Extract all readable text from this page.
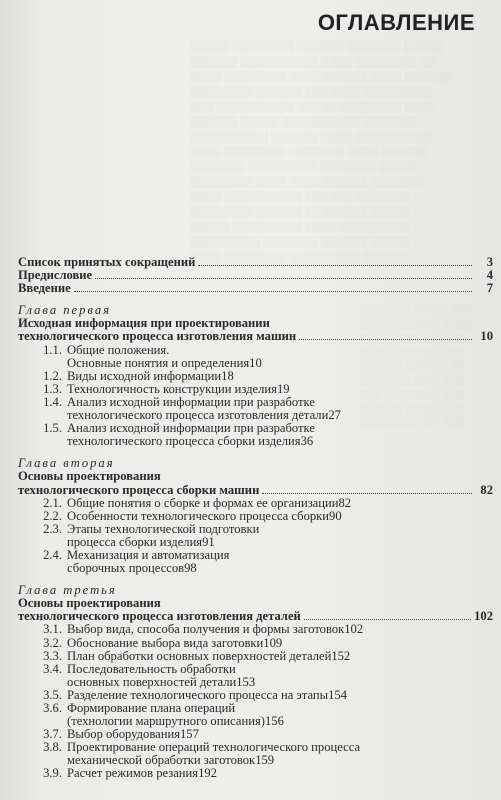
░░░░░ ░░░░░░░░ ░░░░░░ ░░░░░░░ ░░░░░
░░░░░░ ░░░░░░░░░░ ░░░░ ░░░░░░░░ ░░
░░░░ ░░░░░░░░ ░░░░░░░░░░ ░░░░ ░░░░░░
░░░░░░░░ ░░░░░░ ░░░░░░░ ░░░░░░░░░
░░░ ░░░░░░░░░░ ░░░░░ ░░░░░░░░ ░░░░
░░░░░░ ░░░░░ ░░░░░░░░░░ ░░░░░░░
░░░░░░░░░░ ░░░░░░ ░░░░ ░░░░░░░░░░
░░░░ ░░░░░░░░ ░░░░░░░ ░░░░ ░░░░░░
░░░░░░░ ░░░░░░░░░ ░░░░░░░ ░░░░░
░░░░░░░░ ░░░░ ░░░░░░░░░░ ░░░░░░░
░░░░ ░░░░░░░░░░ ░░░░░░ ░░░░░░░
░░░░░░░░ ░░░░░░ ░░░░░░░░ ░░░░░
░░░░░ ░░░░░░░░░ ░░░░ ░░░░░░░░░
░░░░░░░░░ ░░░░░░░ ░░░░░░ ░░░░░
░░░░ ░░░░░░░░ ░░░░░░░░░ ░░░░░░
░░░░░░░ ░░░░░ ░░░
░░░░ ░░░░░░░ ░░░░
░░░░░░░░ ░░░░ ░░
░░░░ ░░░░░░░ ░░░
░░░░░░ ░░░░░░ ░░
░░░░░░░ ░░░░ ░░░
░░░ ░░░░░░░░ ░░░
░░░░░░ ░░░░░ ░░░
░░░░░░░░ ░░░ ░░░
ОГЛАВЛЕНИЕ
Список принятых сокращений	3
Предисловие	4
Введение	7
Глава первая
Исходная информация при проектировании
технологического процесса изготовления машин	10
1.1. Общие положения.
Основные понятия и определения 10
1.2. Виды исходной информации 18
1.3. Технологичность конструкции изделия 19
1.4. Анализ исходной информации при разработке
технологического процесса изготовления детали 27
1.5. Анализ исходной информации при разработке
технологического процесса сборки изделия 36
Глава вторая
Основы проектирования
технологического процесса сборки машин	82
2.1. Общие понятия о сборке и формах ее организации 82
2.2. Особенности технологического процесса сборки 90
2.3. Этапы технологической подготовки
процесса сборки изделия 91
2.4. Механизация и автоматизация
сборочных процессов 98
Глава третья
Основы проектирования
технологического процесса изготовления деталей	102
3.1. Выбор вида, способа получения и формы заготовок 102
3.2. Обоснование выбора вида заготовки 109
3.3. План обработки основных поверхностей деталей 152
3.4. Последовательность обработки
основных поверхностей детали 153
3.5. Разделение технологического процесса на этапы 154
3.6. Формирование плана операций
(технологии маршрутного описания) 156
3.7. Выбор оборудования 157
3.8. Проектирование операций технологического процесса
механической обработки заготовок 159
3.9. Расчет режимов резания 192
